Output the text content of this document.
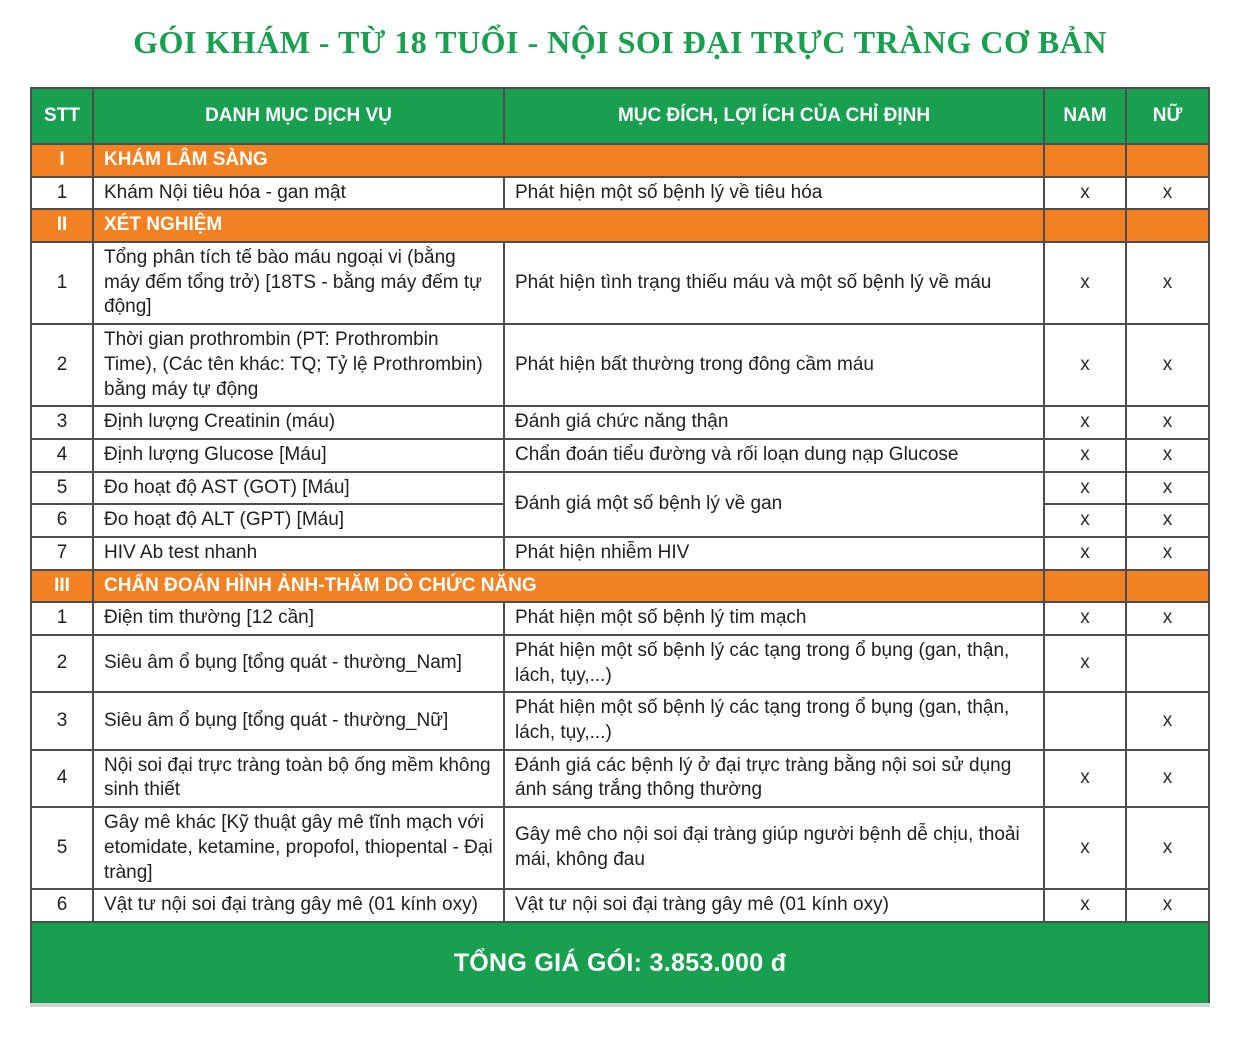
GÓI KHÁM - TỪ 18 TUỔI - NỘI SOI ĐẠI TRỰC TRÀNG CƠ BẢN
STT	DANH MỤC DỊCH VỤ	MỤC ĐÍCH, LỢI ÍCH CỦA CHỈ ĐỊNH	NAM	NỮ
I	KHÁM LÂM SÀNG			
1	Khám Nội tiêu hóa - gan mật	Phát hiện một số bệnh lý về tiêu hóa	x	x
II	XÉT NGHIỆM			
1	Tổng phân tích tế bào máu ngoại vi (bằng máy đếm tổng trở) [18TS - bằng máy đếm tự động]	Phát hiện tình trạng thiếu máu và một số bệnh lý về máu	x	x
2	Thời gian prothrombin (PT: Prothrombin Time), (Các tên khác: TQ; Tỷ lệ Prothrombin) bằng máy tự động	Phát hiện bất thường trong đông cầm máu	x	x
3	Định lượng Creatinin (máu)	Đánh giá chức năng thận	x	x
4	Định lượng Glucose [Máu]	Chẩn đoán tiểu đường và rối loạn dung nạp Glucose	x	x
5	Đo hoạt độ AST (GOT) [Máu]	Đánh giá một số bệnh lý về gan	x	x
6	Đo hoạt độ ALT (GPT) [Máu]		x	x
7	HIV Ab test nhanh	Phát hiện nhiễm HIV	x	x
III	CHẨN ĐOÁN HÌNH ẢNH-THĂM DÒ CHỨC NĂNG			
1	Điện tim thường [12 cần]	Phát hiện một số bệnh lý tim mạch	x	x
2	Siêu âm ổ bụng [tổng quát - thường_Nam]	Phát hiện một số bệnh lý các tạng trong ổ bụng (gan, thận, lách, tụy,...)	x	
3	Siêu âm ổ bụng [tổng quát - thường_Nữ]	Phát hiện một số bệnh lý các tạng trong ổ bụng (gan, thận, lách, tụy,...)		x
4	Nội soi đại trực tràng toàn bộ ống mềm không sinh thiết	Đánh giá các bệnh lý ở đại trực tràng bằng nội soi sử dụng ánh sáng trắng thông thường	x	x
5	Gây mê khác [Kỹ thuật gây mê tĩnh mạch với etomidate, ketamine, propofol, thiopental - Đại tràng]	Gây mê cho nội soi đại tràng giúp người bệnh dễ chịu, thoải mái, không đau	x	x
6	Vật tư nội soi đại tràng gây mê (01 kính oxy)	Vật tư nội soi đại tràng gây mê (01 kính oxy)	x	x
TỔNG GIÁ GÓI: 3.853.000 đ				
